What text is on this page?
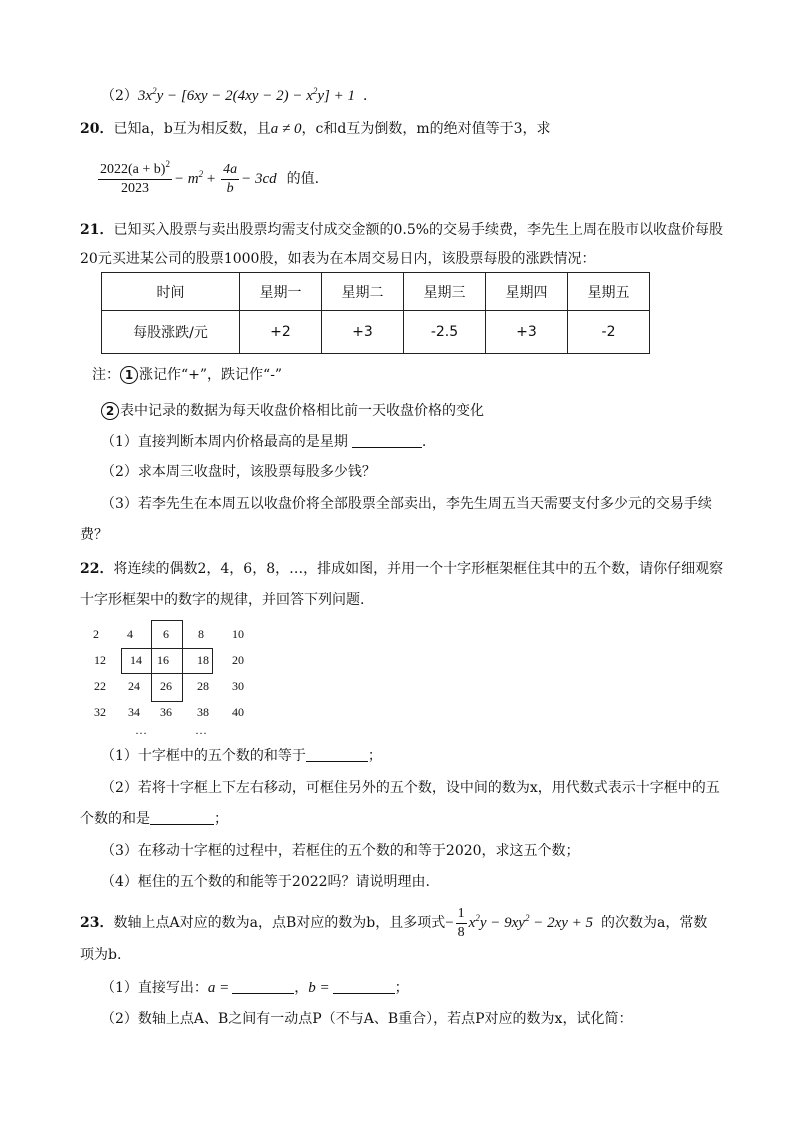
$(2)3x^2y - [6xy - 2(4xy - 2) - x^2y] + 1$ ．
20．已知a，b互为相反数，且a ≠ 0，c和d互为倒数，m的绝对值等于3，求
$\frac{2022(a + b)^2}{2023} - m^2 + \frac{4a}{b} - 3cd$ 的值.
21．已知买入股票与卖出股票均需支付成交金额的0.5%的交易手续费，李先生上周在股市以收盘价每股
20元买进某公司的股票1000股，如表为在本周交易日内，该股票每股的涨跌情况：
时间	星期一	星期二	星期三	星期四	星期五
每股涨跌/元	+2	+3	-2.5	+3	-2
注： 1 涨记作“+”，跌记作“-”
2 表中记录的数据为每天收盘价格相比前一天收盘价格的变化
（1）直接判断本周内价格最高的是星期	.
（2）求本周三收盘时，该股票每股多少钱？
（3）若李先生在本周五以收盘价将全部股票全部卖出，李先生周五当天需要支付多少元的交易手续
费？
22．将连续的偶数2，4，6，8，…，排成如图，并用一个十字形框架框住其中的五个数，请你仔细观察
十字形框架中的数字的规律，并回答下列问题.
2	4	6	8	10
12	14	16	18	20
22	24	26	28	30
32	34	36	38	40
…	…
（1）十字框中的五个数的和等于	；
（2）若将十字框上下左右移动，可框住另外的五个数，设中间的数为x，用代数式表示十字框中的五
个数的和是	；
（3）在移动十字框的过程中，若框住的五个数的和等于2020，求这五个数；
（4）框住的五个数的和能等于2022吗？请说明理由.
23．数轴上点A对应的数为a，点B对应的数为b，且多项式− $\frac{1}{8} x^2y - 9xy^2 - 2xy + 5$ 的次数为a，常数
项为b.
（1）直接写出：a =	，b =	；
（2）数轴上点A、B之间有一动点P（不与A、B重合），若点P对应的数为x，试化简：
